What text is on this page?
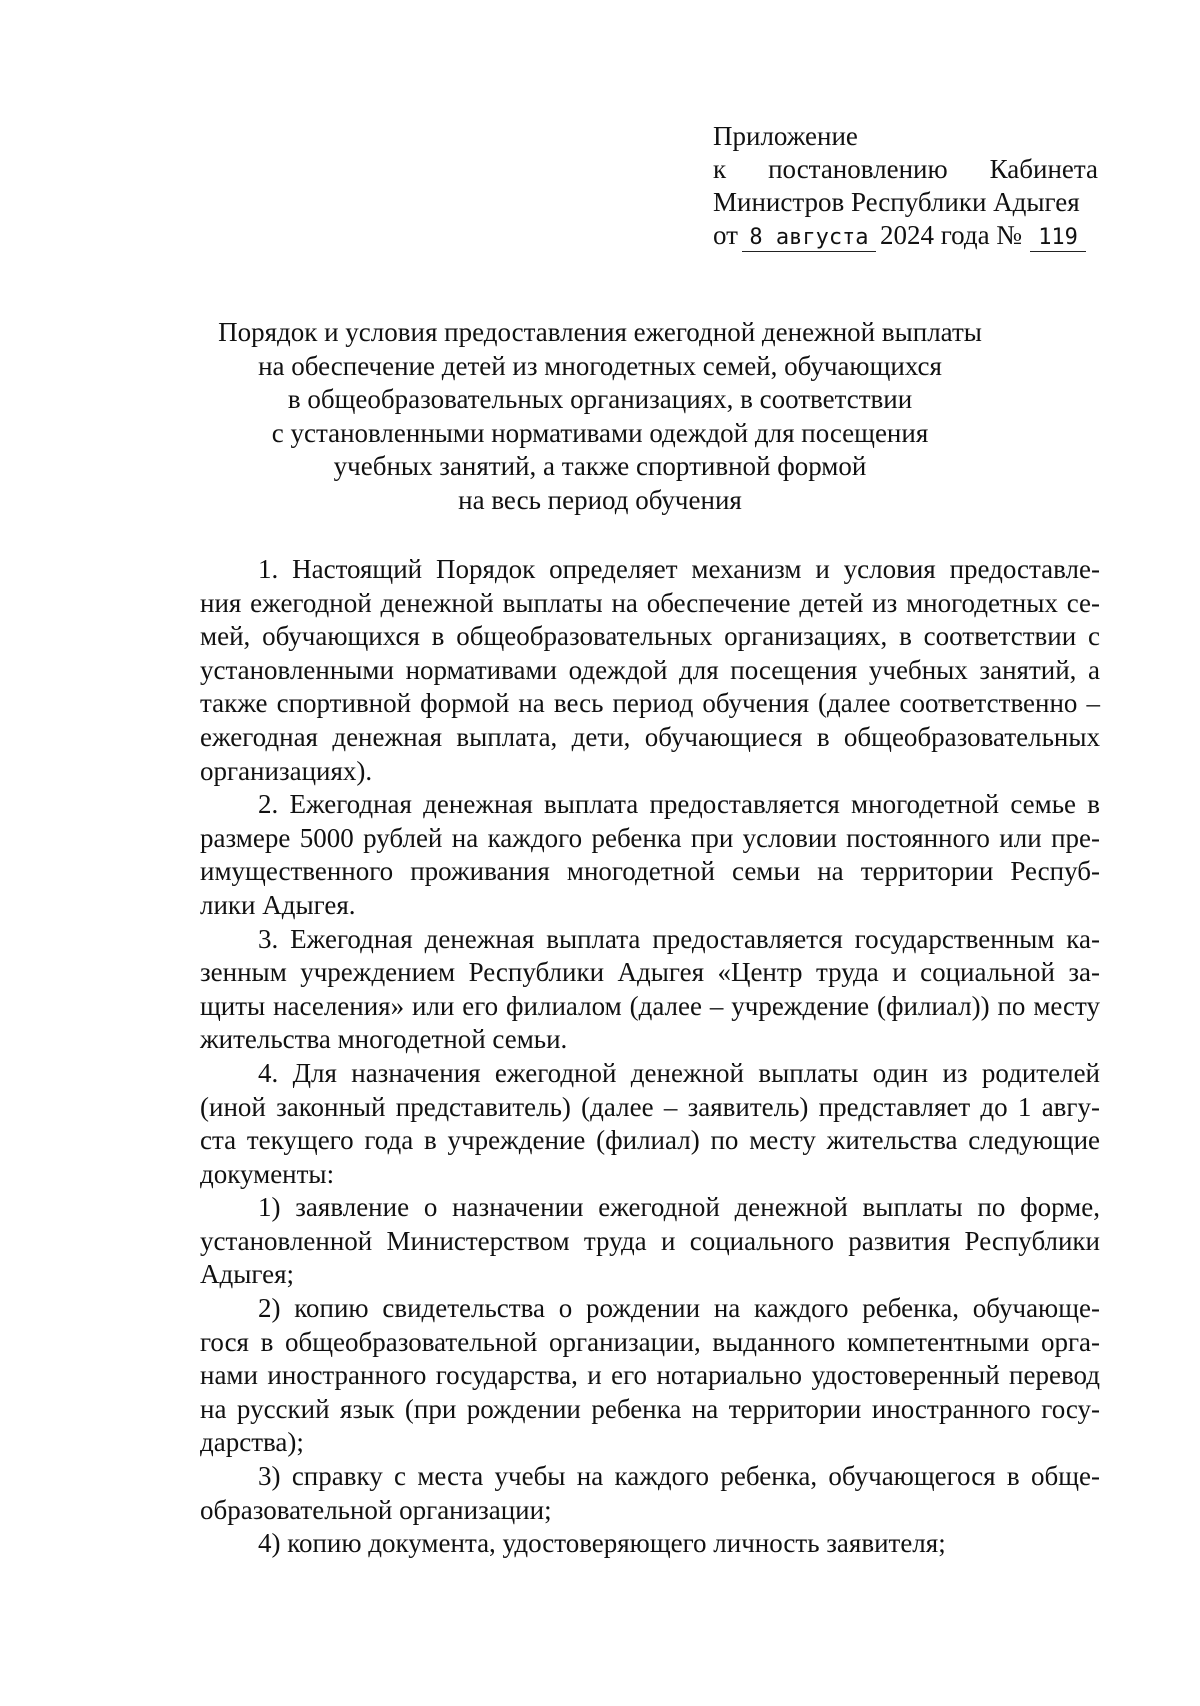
Приложение
к постановлению Кабинета
Министров Республики Адыгея
от 8 августа 2024 года № 119
Порядок и условия предоставления ежегодной денежной выплаты
на обеспечение детей из многодетных семей, обучающихся
в общеобразовательных организациях, в соответствии
с установленными нормативами одеждой для посещения
учебных занятий, а также спортивной формой
на весь период обучения

1. Настоящий Порядок определяет механизм и условия предоставле-
ния ежегодной денежной выплаты на обеспечение детей из многодетных се-
мей, обучающихся в общеобразовательных организациях, в соответствии с
установленными нормативами одеждой для посещения учебных занятий, а
также спортивной формой на весь период обучения (далее соответственно –
ежегодная денежная выплата, дети, обучающиеся в общеобразовательных
организациях).

2. Ежегодная денежная выплата предоставляется многодетной семье в
размере 5000 рублей на каждого ребенка при условии постоянного или пре-
имущественного проживания многодетной семьи на территории Респуб-
лики Адыгея.

3. Ежегодная денежная выплата предоставляется государственным ка-
зенным учреждением Республики Адыгея «Центр труда и социальной за-
щиты населения» или его филиалом (далее – учреждение (филиал)) по месту
жительства многодетной семьи.

4. Для назначения ежегодной денежной выплаты один из родителей
(иной законный представитель) (далее – заявитель) представляет до 1 авгу-
ста текущего года в учреждение (филиал) по месту жительства следующие
документы:

1) заявление о назначении ежегодной денежной выплаты по форме,
установленной Министерством труда и социального развития Республики
Адыгея;

2) копию свидетельства о рождении на каждого ребенка, обучающе-
гося в общеобразовательной организации, выданного компетентными орга-
нами иностранного государства, и его нотариально удостоверенный перевод
на русский язык (при рождении ребенка на территории иностранного госу-
дарства);

3) справку с места учебы на каждого ребенка, обучающегося в обще-
образовательной организации;

4) копию документа, удостоверяющего личность заявителя;
